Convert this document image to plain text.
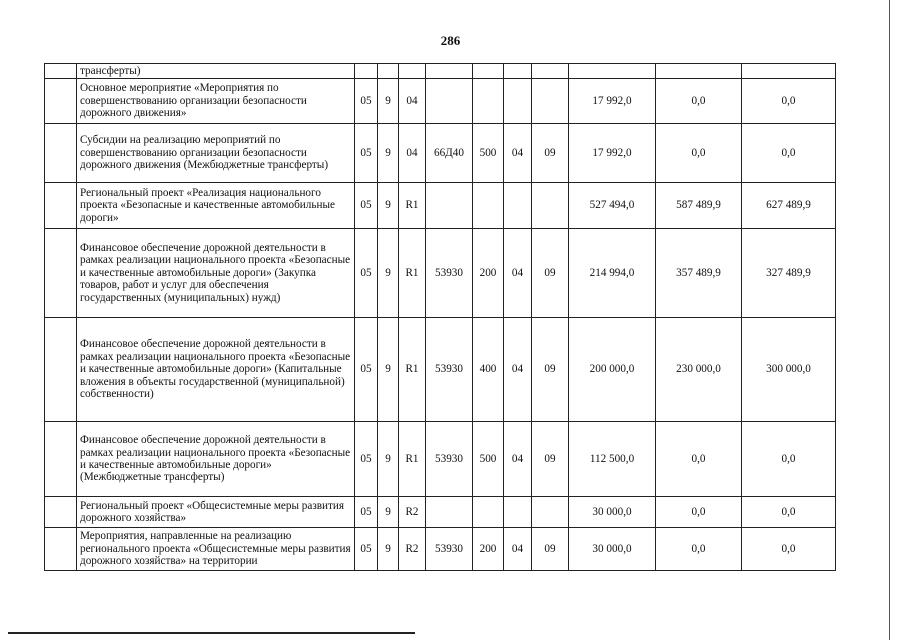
286
	трансферты)										
	Основное мероприятие «Мероприятия по совершенствованию организации безопасности дорожного движения»	05	9	04					17 992,0	0,0	0,0
	Субсидии на реализацию мероприятий по совершенствованию организации безопасности дорожного движения (Межбюджетные трансферты)	05	9	04	66Д40	500	04	09	17 992,0	0,0	0,0
	Региональный проект «Реализация национального проекта «Безопасные и качественные автомобильные дороги»	05	9	R1					527 494,0	587 489,9	627 489,9
	Финансовое обеспечение дорожной деятельности в рамках реализации национального проекта «Безопасные и качественные автомобильные дороги» (Закупка товаров, работ и услуг для обеспечения государственных (муниципальных) нужд)	05	9	R1	53930	200	04	09	214 994,0	357 489,9	327 489,9
	Финансовое обеспечение дорожной деятельности в рамках реализации национального проекта «Безопасные и качественные автомобильные дороги» (Капитальные вложения в объекты государственной (муниципальной) собственности)	05	9	R1	53930	400	04	09	200 000,0	230 000,0	300 000,0
	Финансовое обеспечение дорожной деятельности в рамках реализации национального проекта «Безопасные и качественные автомобильные дороги» (Межбюджетные трансферты)	05	9	R1	53930	500	04	09	112 500,0	0,0	0,0
	Региональный проект «Общесистемные меры развития дорожного хозяйства»	05	9	R2					30 000,0	0,0	0,0
	Мероприятия, направленные на реализацию регионального проекта «Общесистемные меры развития дорожного хозяйства» на территории	05	9	R2	53930	200	04	09	30 000,0	0,0	0,0
